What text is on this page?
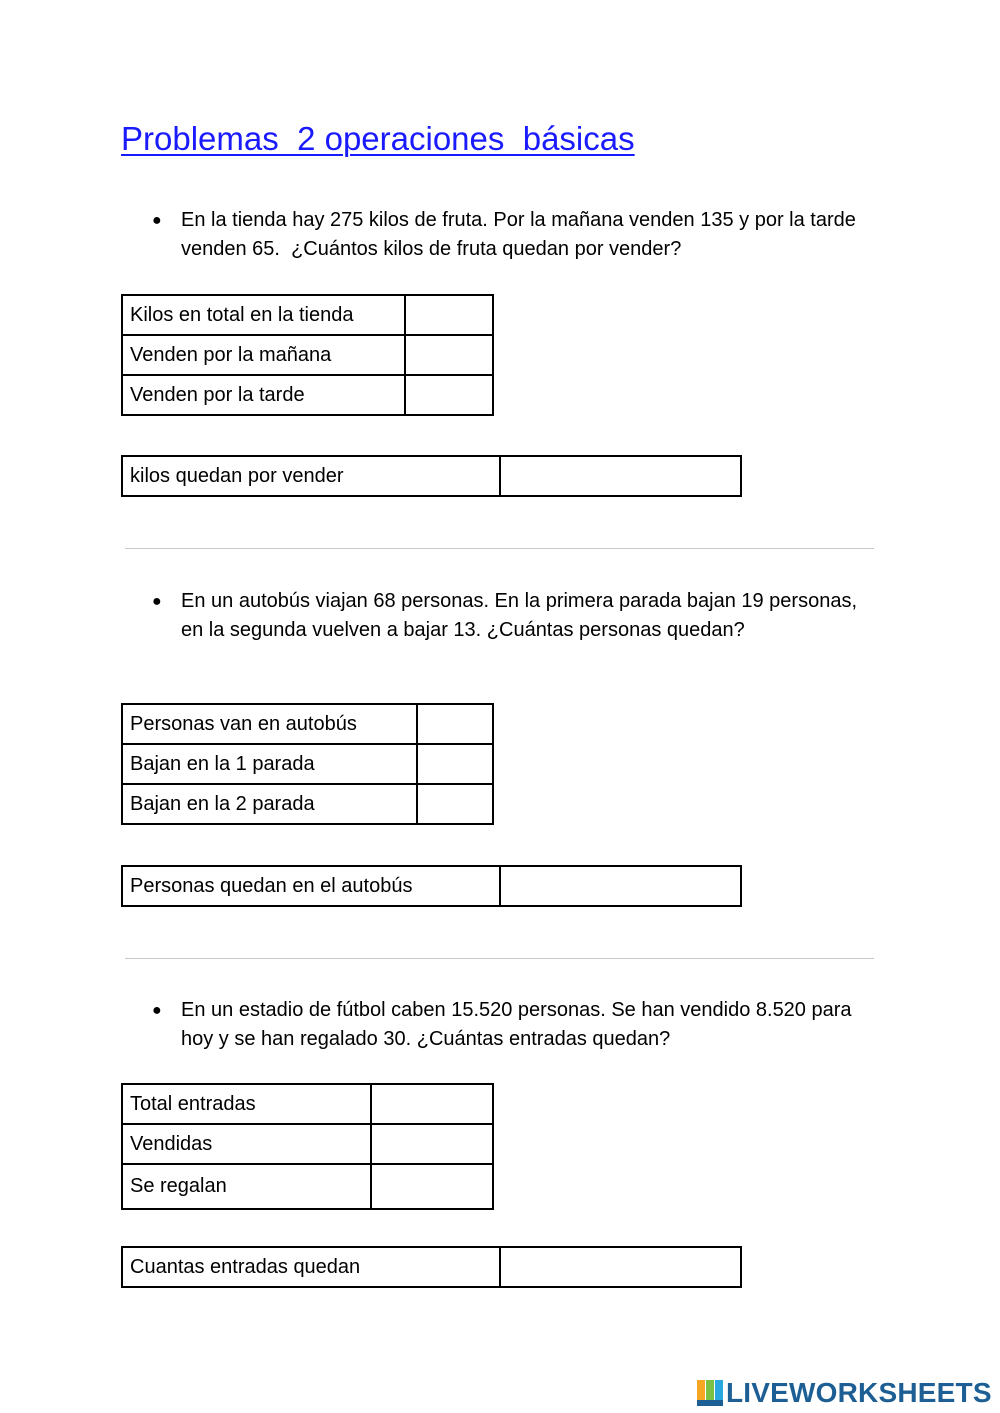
Problemas  2 operaciones  básicas
● En la tienda hay 275 kilos de fruta. Por la mañana venden 135 y por la tarde venden 65.  ¿Cuántos kilos de fruta quedan por vender?
Kilos en total en la tienda	
Venden por la mañana	
Venden por la tarde	
kilos quedan por vender	
● En un autobús viajan 68 personas. En la primera parada bajan 19 personas, en la segunda vuelven a bajar 13. ¿Cuántas personas quedan?
Personas van en autobús	
Bajan en la 1 parada	
Bajan en la 2 parada	
Personas quedan en el autobús	
● En un estadio de fútbol caben 15.520 personas. Se han vendido 8.520 para hoy y se han regalado 30. ¿Cuántas entradas quedan?
Total entradas	
Vendidas	
Se regalan	
Cuantas entradas quedan	
LIVEWORKSHEETS
